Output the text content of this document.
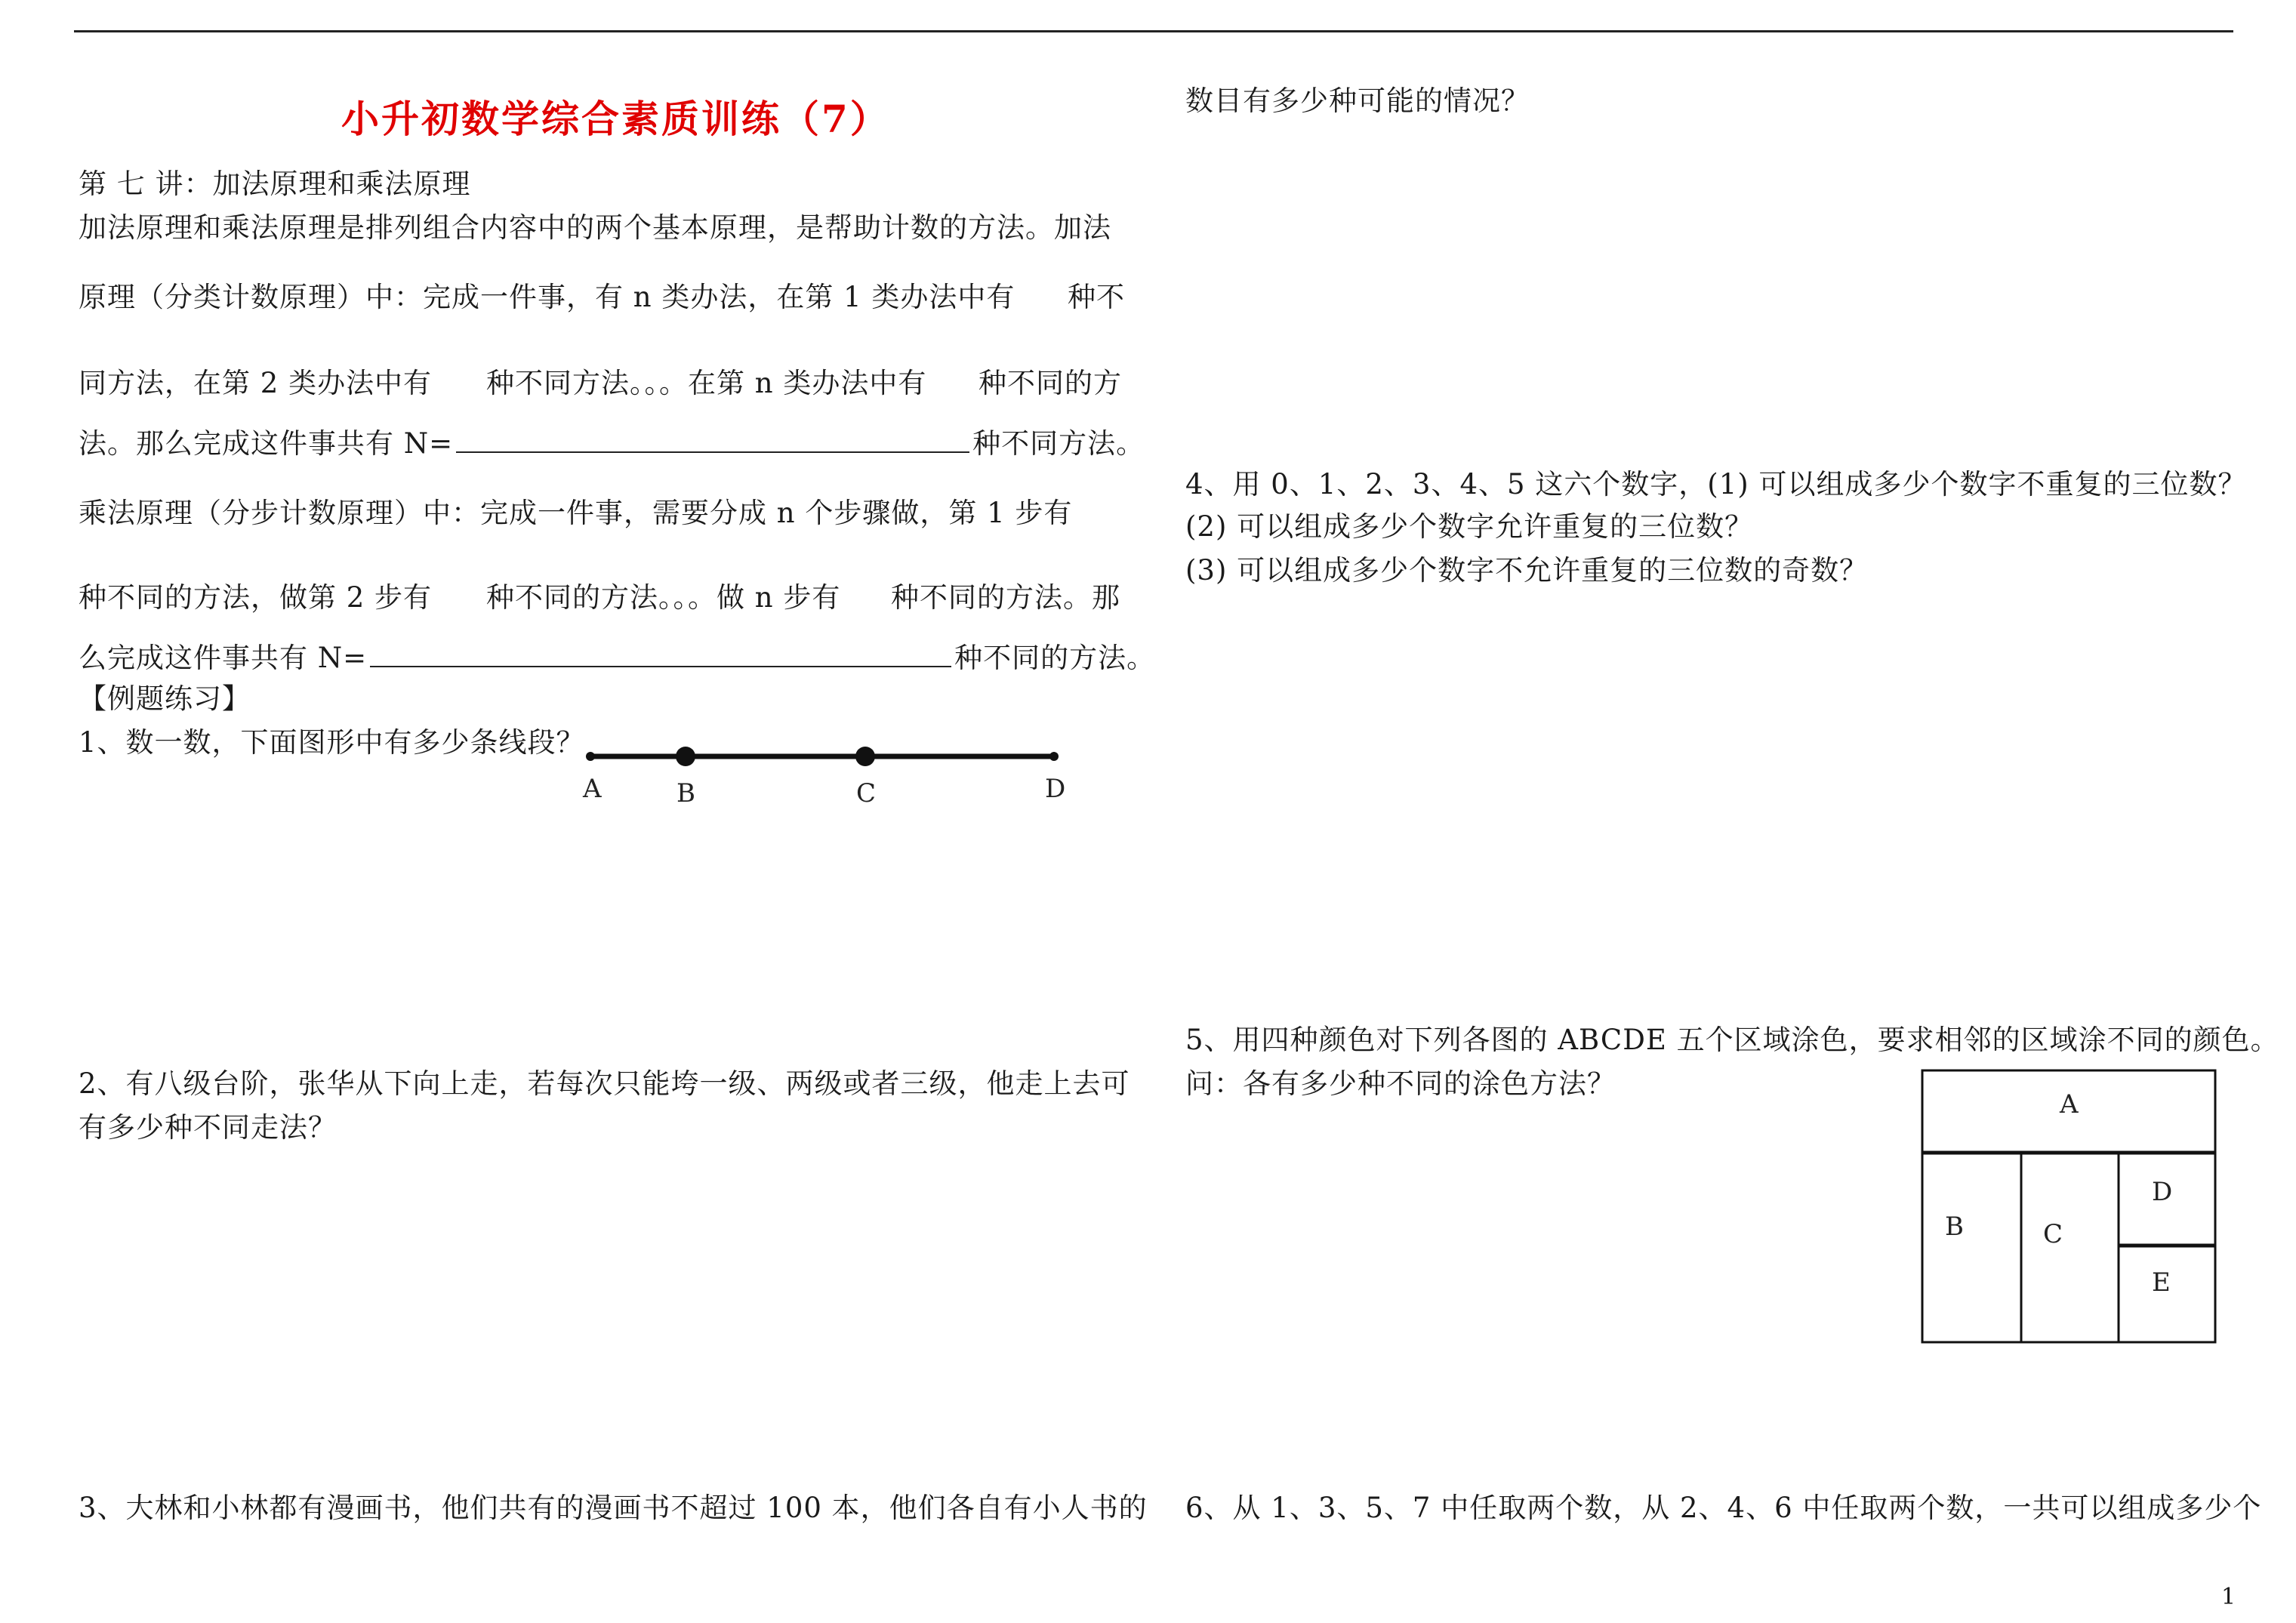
小升初数学综合素质训练（7）
第 七 讲：加法原理和乘法原理
加法原理和乘法原理是排列组合内容中的两个基本原理，是帮助计数的方法。加法
原理（分类计数原理）中：完成一件事，有 n 类办法，在第 1 类办法中有 种不
同方法，在第 2 类办法中有 种不同方法。。。在第 n 类办法中有 种不同的方
法。那么完成这件事共有 N=	种不同方法。
乘法原理（分步计数原理）中：完成一件事，需要分成 n 个步骤做，第 1 步有
种不同的方法，做第 2 步有 种不同的方法。。。做 n 步有 种不同的方法。那
么完成这件事共有 N=	种不同的方法。
【例题练习】
1、数一数，下面图形中有多少条线段？
A	B	C	D
2、有八级台阶，张华从下向上走，若每次只能垮一级、两级或者三级，他走上去可
有多少种不同走法？
3、大林和小林都有漫画书，他们共有的漫画书不超过 100 本，他们各自有小人书的
数目有多少种可能的情况？
4、用 0、1、2、3、4、5 这六个数字，(1) 可以组成多少个数字不重复的三位数？
(2) 可以组成多少个数字允许重复的三位数？
(3) 可以组成多少个数字不允许重复的三位数的奇数？
5、用四种颜色对下列各图的 ABCDE 五个区域涂色，要求相邻的区域涂不同的颜色。
问：各有多少种不同的涂色方法？
A
B	C
D
E
6、从 1、3、5、7 中任取两个数，从 2、4、6 中任取两个数，一共可以组成多少个
1
